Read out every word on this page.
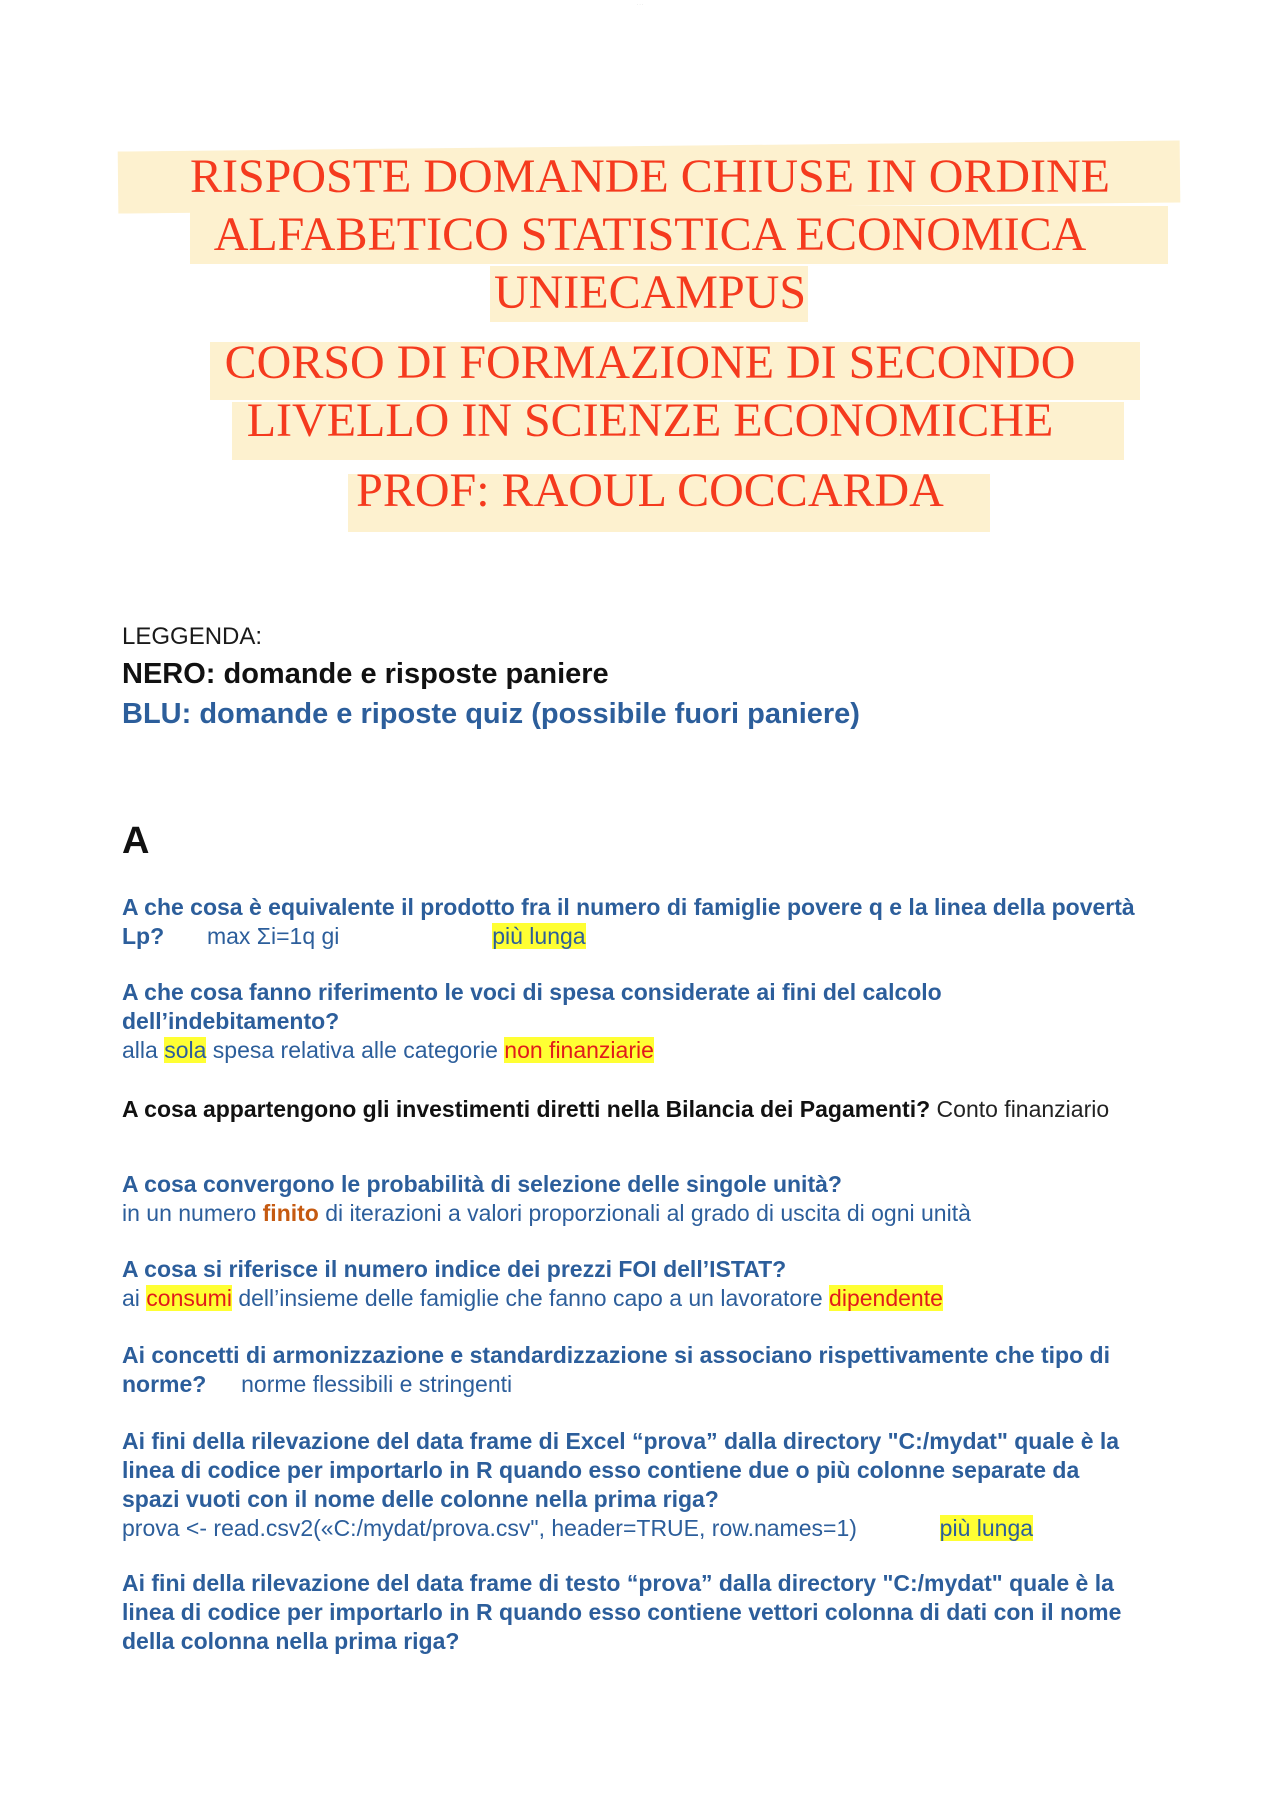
· · ·
RISPOSTE DOMANDE CHIUSE IN ORDINE
ALFABETICO STATISTICA ECONOMICA
UNIECAMPUS
CORSO DI FORMAZIONE DI SECONDO
LIVELLO IN SCIENZE ECONOMICHE
PROF: RAOUL COCCARDA
LEGGENDA:
NERO: domande e risposte paniere
BLU: domande e riposte quiz (possibile fuori paniere)
A
A che cosa è equivalente il prodotto fra il numero di famiglie povere q e la linea della povertà Lp? max Σi=1q gi	più lunga
A che cosa fanno riferimento le voci di spesa considerate ai fini del calcolo dell’indebitamento?
alla sola spesa relativa alle categorie non finanziarie
A cosa appartengono gli investimenti diretti nella Bilancia dei Pagamenti? Conto finanziario
A cosa convergono le probabilità di selezione delle singole unità?
in un numero finito di iterazioni a valori proporzionali al grado di uscita di ogni unità
A cosa si riferisce il numero indice dei prezzi FOI dell’ISTAT?
ai consumi dell’insieme delle famiglie che fanno capo a un lavoratore dipendente
Ai concetti di armonizzazione e standardizzazione si associano rispettivamente che tipo di norme? norme flessibili e stringenti
Ai fini della rilevazione del data frame di Excel “prova” dalla directory "C:/mydat" quale è la linea di codice per importarlo in R quando esso contiene due o più colonne separate da spazi vuoti con il nome delle colonne nella prima riga?
prova <- read.csv2(«C:/mydat/prova.csv", header=TRUE, row.names=1)	più lunga
Ai fini della rilevazione del data frame di testo “prova” dalla directory "C:/mydat" quale è la linea di codice per importarlo in R quando esso contiene vettori colonna di dati con il nome della colonna nella prima riga?
